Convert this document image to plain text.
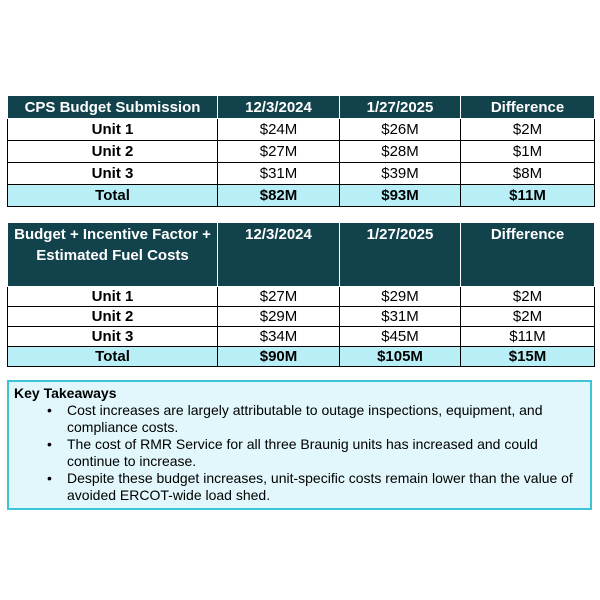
CPS Budget Submission	12/3/2024	1/27/2025	Difference
Unit 1	$24M	$26M	$2M
Unit 2	$27M	$28M	$1M
Unit 3	$31M	$39M	$8M
Total	$82M	$93M	$11M
Budget + Incentive Factor + Estimated Fuel Costs	12/3/2024	1/27/2025	Difference
Unit 1	$27M	$29M	$2M
Unit 2	$29M	$31M	$2M
Unit 3	$34M	$45M	$11M
Total	$90M	$105M	$15M
Key Takeaways
• Cost increases are largely attributable to outage inspections, equipment, and compliance costs.
• The cost of RMR Service for all three Braunig units has increased and could continue to increase.
• Despite these budget increases, unit-specific costs remain lower than the value of avoided ERCOT-wide load shed.
